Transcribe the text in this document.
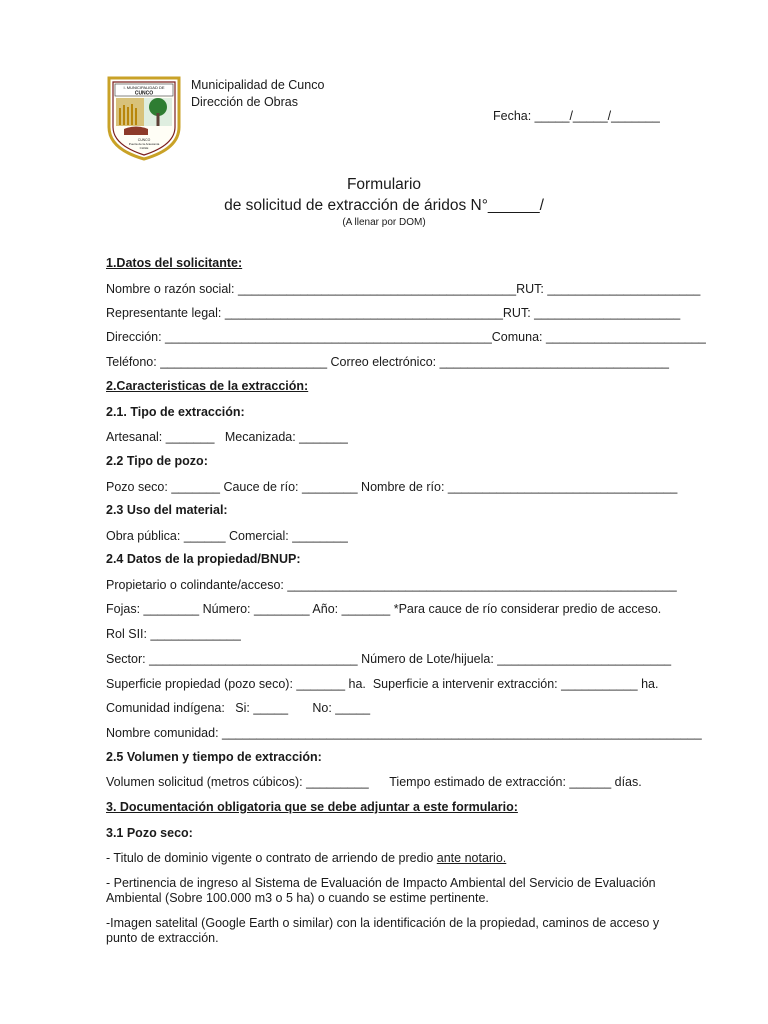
I. MUNICIPALIDAD DE
CUNCO
CUNCO
Puerta de la Araucanía
CHILE
Municipalidad de Cunco
Dirección de Obras
Fecha: _____/_____/_______
Formulario
de solicitud de extracción de áridos N°______/
(A llenar por DOM)
1.Datos del solicitante:
Nombre o razón social: ________________________________________RUT: ______________________
Representante legal: ________________________________________RUT: _____________________
Dirección: _______________________________________________Comuna: _______________________
Teléfono: ________________________ Correo electrónico: _________________________________
2.Caracteristicas de la extracción:
2.1. Tipo de extracción:
Artesanal: _______   Mecanizada: _______
2.2 Tipo de pozo:
Pozo seco: _______ Cauce de río: ________ Nombre de río: _________________________________
2.3 Uso del material:
Obra pública: ______ Comercial: ________
2.4 Datos de la propiedad/BNUP:
Propietario o colindante/acceso: ________________________________________________________
Fojas: ________ Número: ________ Año: _______ *Para cauce de río considerar predio de acceso.
Rol SII: _____________
Sector: ______________________________ Número de Lote/hijuela: _________________________
Superficie propiedad (pozo seco): _______ ha.  Superficie a intervenir extracción: ___________ ha.
Comunidad indígena:   Si: _____       No: _____
Nombre comunidad: _____________________________________________________________________
2.5 Volumen y tiempo de extracción:
Volumen solicitud (metros cúbicos): _________      Tiempo estimado de extracción: ______ días.
3. Documentación obligatoria que se debe adjuntar a este formulario:
3.1 Pozo seco:
- Titulo de dominio vigente o contrato de arriendo de predio ante notario.
- Pertinencia de ingreso al Sistema de Evaluación de Impacto Ambiental del Servicio de Evaluación
Ambiental (Sobre 100.000 m3 o 5 ha) o cuando se estime pertinente.
-Imagen satelital (Google Earth o similar) con la identificación de la propiedad, caminos de acceso y
punto de extracción.
